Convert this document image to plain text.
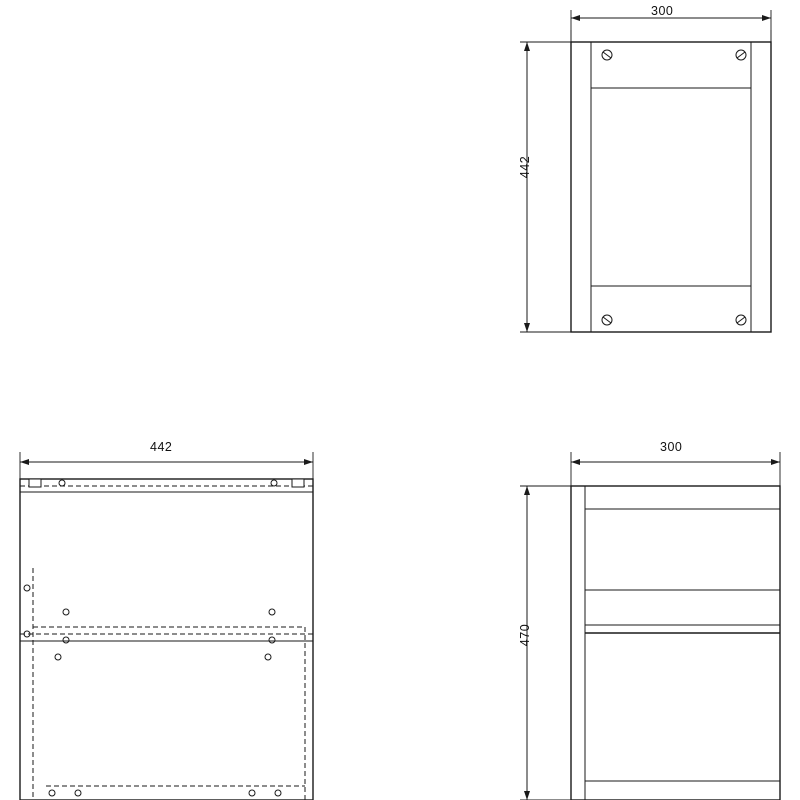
300
442
442	300
470
